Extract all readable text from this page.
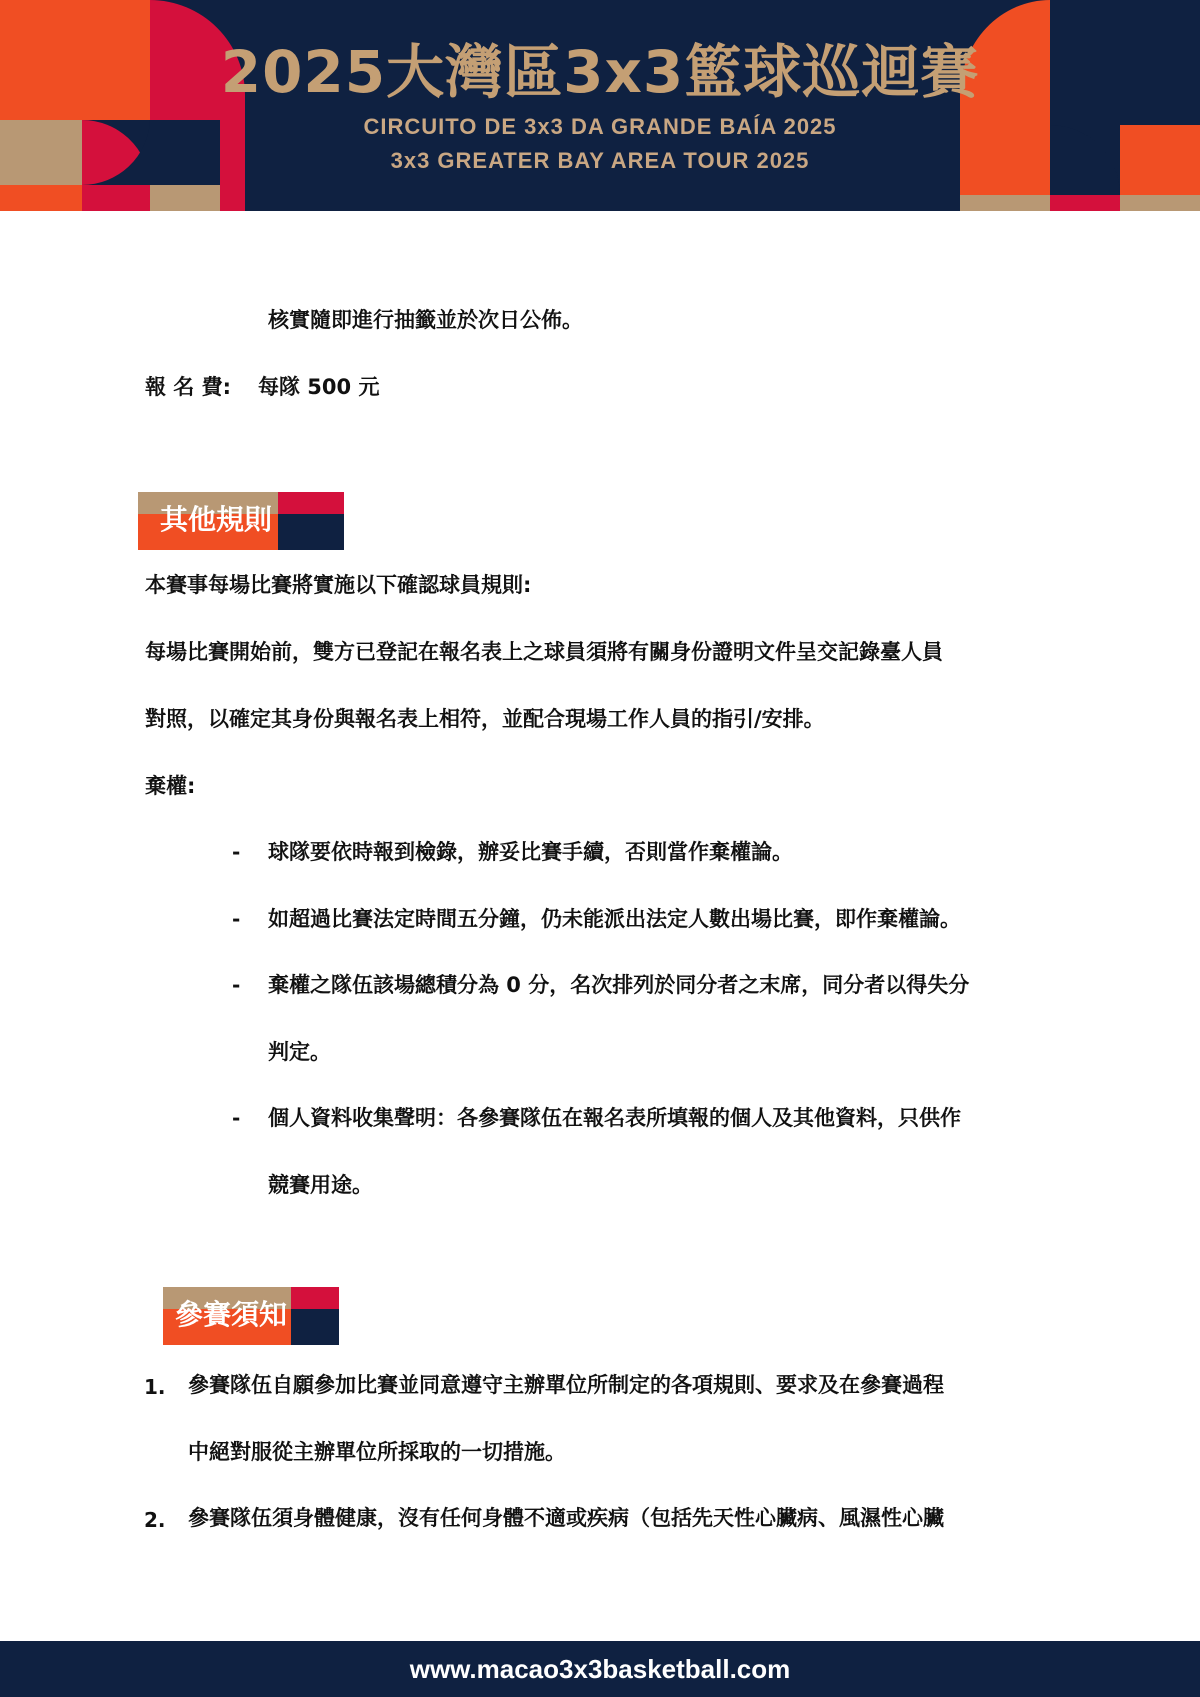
2025大灣區3x3籃球巡迴賽
CIRCUITO DE 3x3 DA GRANDE BAÍA 2025
3x3 GREATER BAY AREA TOUR 2025
核實隨即進行抽籤並於次日公佈。
報 名 費: 每隊 500 元
其他規則
本賽事每場比賽將實施以下確認球員規則:
每場比賽開始前，雙方已登記在報名表上之球員須將有關身份證明文件呈交記錄臺人員
對照，以確定其身份與報名表上相符，並配合現場工作人員的指引/安排。
棄權:
- 球隊要依時報到檢錄，辦妥比賽手續，否則當作棄權論。
- 如超過比賽法定時間五分鐘，仍未能派出法定人數出場比賽，即作棄權論。
- 棄權之隊伍該場總積分為 0 分，名次排列於同分者之末席，同分者以得失分
判定。
- 個人資料收集聲明：各參賽隊伍在報名表所填報的個人及其他資料，只供作
競賽用途。
參賽須知
1. 參賽隊伍自願參加比賽並同意遵守主辦單位所制定的各項規則、要求及在參賽過程
中絕對服從主辦單位所採取的一切措施。
2. 參賽隊伍須身體健康，沒有任何身體不適或疾病（包括先天性心臟病、風濕性心臟
www.macao3x3basketball.com
